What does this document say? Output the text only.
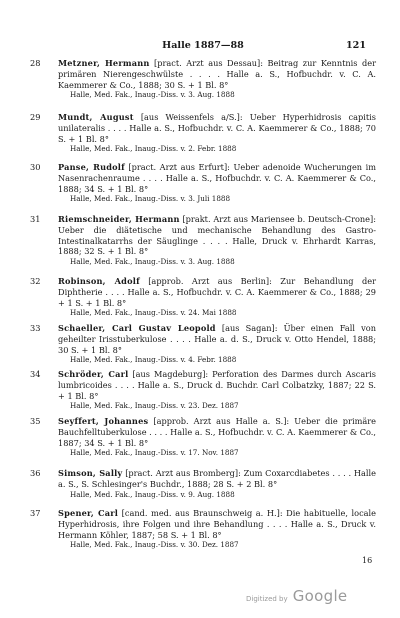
Halle 1887—88	121
28	Metzner, Hermann [pract. Arzt aus Dessau]: Beitrag zur Kenntnis der primären Nierengeschwülste . . . . Halle a. S., Hofbuchdr. v. C. A. Kaemmerer & Co., 1888; 30 S. + 1 Bl. 8°
Halle, Med. Fak., Inaug.-Diss. v. 3. Aug. 1888
29	Mundt, August [aus Weissenfels a/S.]: Ueber Hyperhidrosis capitis unilateralis . . . . Halle a. S., Hofbuchdr. v. C. A. Kaemmerer & Co., 1888; 70 S. + 1 Bl. 8°
Halle, Med. Fak., Inaug.-Diss. v. 2. Febr. 1888
30	Panse, Rudolf [pract. Arzt aus Erfurt]: Ueber adenoide Wucherungen im Nasenrachenraume . . . . Halle a. S., Hofbuchdr. v. C. A. Kaemmerer & Co., 1888; 34 S. + 1 Bl. 8°
Halle, Med. Fak., Inaug.-Diss. v. 3. Juli 1888
31	Riemschneider, Hermann [prakt. Arzt aus Mariensee b. Deutsch-Crone]: Ueber die diätetische und mechanische Behandlung des Gastro-Intestinalkatarrhs der Säuglinge . . . . Halle, Druck v. Ehrhardt Karras, 1888; 32 S. + 1 Bl. 8°
Halle, Med. Fak., Inaug.-Diss. v. 3. Aug. 1888
32	Robinson, Adolf [approb. Arzt aus Berlin]: Zur Behandlung der Diphtherie . . . . Halle a. S., Hofbuchdr. v. C. A. Kaemmerer & Co., 1888; 29 + 1 S. + 1 Bl. 8°
Halle, Med. Fak., Inaug.-Diss. v. 24. Mai 1888
33	Schaeller, Carl Gustav Leopold [aus Sagan]: Über einen Fall von geheilter Irisstuberkulose . . . . Halle a. d. S., Druck v. Otto Hendel, 1888; 30 S. + 1 Bl. 8°
Halle, Med. Fak., Inaug.-Diss. v. 4. Febr. 1888
34	Schröder, Carl [aus Magdeburg]: Perforation des Darmes durch Ascaris lumbricoides . . . . Halle a. S., Druck d. Buchdr. Carl Colbatzky, 1887; 22 S. + 1 Bl. 8°
Halle, Med. Fak., Inaug.-Diss. v. 23. Dez. 1887
35	Seyffert, Johannes [approb. Arzt aus Halle a. S.]: Ueber die primäre Bauchfelltuberkulose . . . . Halle a. S., Hofbuchdr. v. C. A. Kaemmerer & Co., 1887; 34 S. + 1 Bl. 8°
Halle, Med. Fak., Inaug.-Diss. v. 17. Nov. 1887
36	Simson, Sally [pract. Arzt aus Bromberg]: Zum Coxarcdiabetes . . . . Halle a. S., S. Schlesinger's Buchdr., 1888; 28 S. + 2 Bl. 8°
Halle, Med. Fak., Inaug.-Diss. v. 9. Aug. 1888
37	Spener, Carl [cand. med. aus Braunschweig a. H.]: Die habituelle, locale Hyperhidrosis, ihre Folgen und ihre Behandlung . . . . Halle a. S., Druck v. Hermann Köhler, 1887; 58 S. + 1 Bl. 8°
Halle, Med. Fak., Inaug.-Diss. v. 30. Dez. 1887
16
Digitized by Google
